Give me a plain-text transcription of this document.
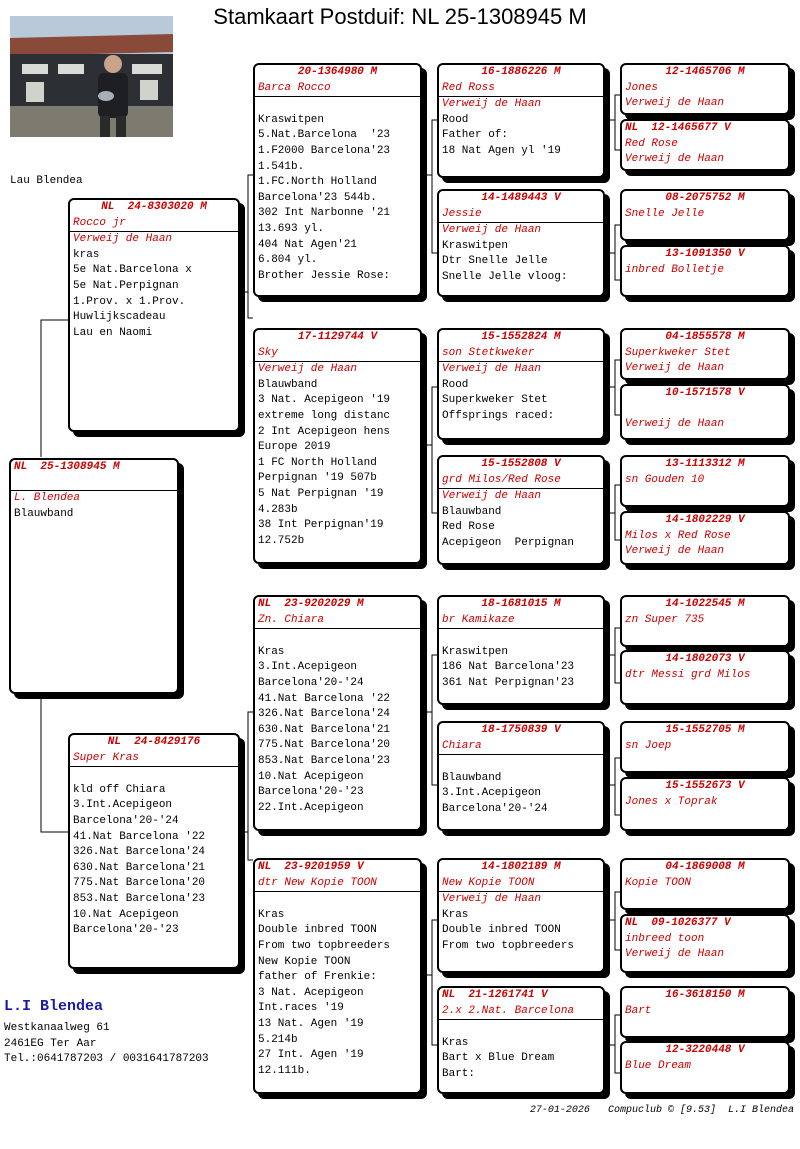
Stamkaart Postduif: NL 25-1308945 M
Lau Blendea
NL  25-1308945 M
L. Blendea
Blauwband
NL  24-8303020 M
Rocco jr
Verweij de Haan
kras
5e Nat.Barcelona x
5e Nat.Perpignan
1.Prov. x 1.Prov.
Huwlijkscadeau
Lau en Naomi
NL  24-8429176
Super Kras

kld off Chiara
3.Int.Acepigeon
Barcelona'20-'24
41.Nat Barcelona '22
326.Nat Barcelona'24
630.Nat Barcelona'21
775.Nat Barcelona'20
853.Nat Barcelona'23
10.Nat Acepigeon
Barcelona'20-'23
20-1364980 M
Barca Rocco

Kraswitpen
5.Nat.Barcelona  '23
1.F2000 Barcelona'23
1.541b.
1.FC.North Holland
Barcelona'23 544b.
302 Int Narbonne '21
13.693 yl.
404 Nat Agen'21
6.804 yl.
Brother Jessie Rose:
17-1129744 V
Sky
Verweij de Haan
Blauwband
3 Nat. Acepigeon '19
extreme long distanc
2 Int Acepigeon hens
Europe 2019
1 FC North Holland
Perpignan '19 507b
5 Nat Perpignan '19
4.283b
38 Int Perpignan'19
12.752b
NL  23-9202029 M
Zn. Chiara

Kras
3.Int.Acepigeon
Barcelona'20-'24
41.Nat Barcelona '22
326.Nat Barcelona'24
630.Nat Barcelona'21
775.Nat Barcelona'20
853.Nat Barcelona'23
10.Nat Acepigeon
Barcelona'20-'23
22.Int.Acepigeon
NL  23-9201959 V
dtr New Kopie TOON

Kras
Double inbred TOON
From two topbreeders
New Kopie TOON
father of Frenkie:
3 Nat. Acepigeon
Int.races '19
13 Nat. Agen '19
5.214b
27 Int. Agen '19
12.111b.
16-1886226 M
Red Ross
Verweij de Haan
Rood
Father of:
18 Nat Agen yl '19
14-1489443 V
Jessie
Verweij de Haan
Kraswitpen
Dtr Snelle Jelle
Snelle Jelle vloog:
15-1552824 M
son Stetkweker
Verweij de Haan
Rood
Superkweker Stet
Offsprings raced:
15-1552808 V
grd Milos/Red Rose
Verweij de Haan
Blauwband
Red Rose
Acepigeon  Perpignan
18-1681015 M
br Kamikaze

Kraswitpen
186 Nat Barcelona'23
361 Nat Perpignan'23
18-1750839 V
Chiara

Blauwband
3.Int.Acepigeon
Barcelona'20-'24
14-1802189 M
New Kopie TOON
Verweij de Haan
Kras
Double inbred TOON
From two topbreeders
NL  21-1261741 V
2.x 2.Nat. Barcelona

Kras
Bart x Blue Dream
Bart:
12-1465706 M
Jones
Verweij de Haan
NL  12-1465677 V
Red Rose
Verweij de Haan
08-2075752 M
Snelle Jelle
13-1091350 V
inbred Bolletje
04-1855578 M
Superkweker Stet
Verweij de Haan
10-1571578 V
Verweij de Haan
13-1113312 M
sn Gouden 10
14-1802229 V
Milos x Red Rose
Verweij de Haan
14-1022545 M
zn Super 735
14-1802073 V
dtr Messi grd Milos
15-1552705 M
sn Joep
15-1552673 V
Jones x Toprak
04-1869008 M
Kopie TOON
NL  09-1026377 V
inbreed toon
Verweij de Haan
16-3618150 M
Bart
12-3220448 V
Blue Dream
L.I Blendea
Westkanaalweg 61
2461EG Ter Aar
Tel.:0641787203 / 0031641787203
27-01-2026 Compuclub © [9.53] L.I Blendea
